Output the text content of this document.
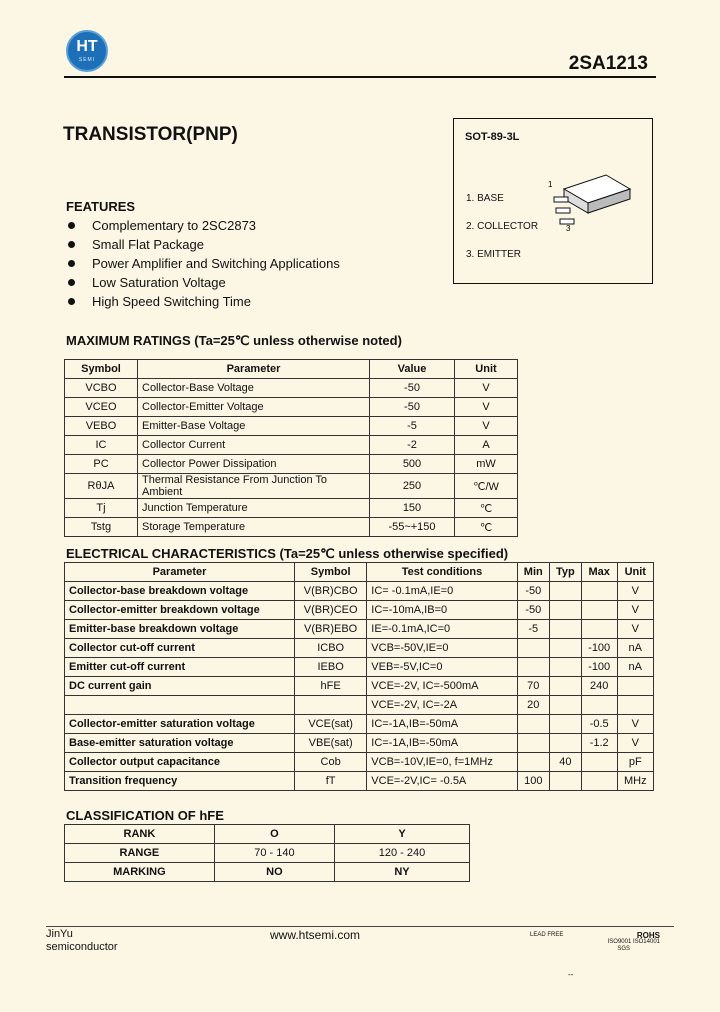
HT
SEMI	2SA1213
TRANSISTOR(PNP)	SOT-89-3L
1. BASE
2. COLLECTOR
3. EMITTER
1
3
FEATURES
Complementary to 2SC2873
Small Flat Package
Power Amplifier and Switching Applications
Low Saturation Voltage
High Speed Switching Time
MAXIMUM RATINGS (Ta=25℃ unless otherwise noted)
Symbol	Parameter	Value	Unit
VCBO	Collector-Base Voltage	-50	V
VCEO	Collector-Emitter Voltage	-50	V
VEBO	Emitter-Base Voltage	-5	V
IC	Collector Current	-2	A
PC	Collector Power Dissipation	500	mW
RθJA	Thermal Resistance From Junction To Ambient	250	℃/W
Tj	Junction Temperature	150	℃
Tstg	Storage Temperature	-55~+150	℃
ELECTRICAL CHARACTERISTICS (Ta=25℃ unless otherwise specified)
Parameter	Symbol	Test conditions	Min	Typ	Max	Unit
Collector-base breakdown voltage	V(BR)CBO	IC= -0.1mA,IE=0	-50			V
Collector-emitter breakdown voltage	V(BR)CEO	IC=-10mA,IB=0	-50			V
Emitter-base breakdown voltage	V(BR)EBO	IE=-0.1mA,IC=0	-5			V
Collector cut-off current	ICBO	VCB=-50V,IE=0			-100	nA
Emitter cut-off current	IEBO	VEB=-5V,IC=0			-100	nA
DC current gain	hFE	VCE=-2V, IC=-500mA	70		240	
		VCE=-2V, IC=-2A	20			
Collector-emitter saturation voltage	VCE(sat)	IC=-1A,IB=-50mA			-0.5	V
Base-emitter saturation voltage	VBE(sat)	IC=-1A,IB=-50mA			-1.2	V
Collector output capacitance	Cob	VCB=-10V,IE=0, f=1MHz		40		pF
Transition frequency	fT	VCE=-2V,IC= -0.5A	100			MHz
CLASSIFICATION OF hFE
RANK	O	Y
RANGE	70 - 140	120 - 240
MARKING	NO	NY
JinYu
semiconductor
www.htsemi.com	LEAD FREE	ROHS
ISO9001 ISO14001
SGS
--
